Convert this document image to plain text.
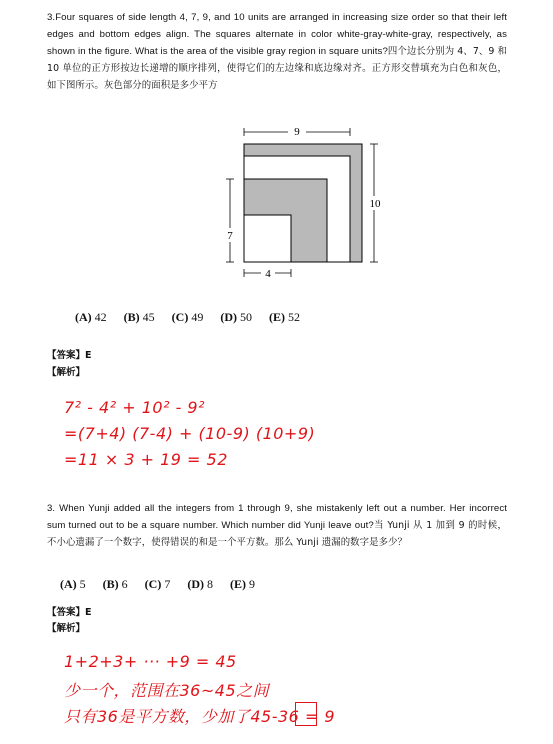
3.Four squares of side length 4, 7, 9, and 10 units are arranged in increasing size order so that their left edges and bottom edges align. The squares alternate in color white-gray-white-gray, respectively, as shown in the figure. What is the area of the visible gray region in square units?四个边长分别为 4、7、9 和 10 单位的正方形按边长递增的顺序排列，使得它们的左边缘和底边缘对齐。正方形交替填充为白色和灰色，如下图所示。灰色部分的面积是多少平方
9
10
7
4
(A) 42 (B) 45 (C) 49 (D) 50 (E) 52
【答案】E
【解析】
7² - 4² + 10² - 9²
=(7+4) (7-4) + (10-9) (10+9)
=11 × 3 + 19 = 52
3. When Yunji added all the integers from 1 through 9, she mistakenly left out a number. Her incorrect sum turned out to be a square number. Which number did Yunji leave out?当 Yunji 从 1 加到 9 的时候，不小心遗漏了一个数字，使得错误的和是一个平方数。那么 Yunji 遗漏的数字是多少？
(A) 5 (B) 6 (C) 7 (D) 8 (E) 9
【答案】E
【解析】
1+2+3+ ··· +9 = 45
少一个，范围在36~45之间
只有36是平方数，少加了45-36 = 9
